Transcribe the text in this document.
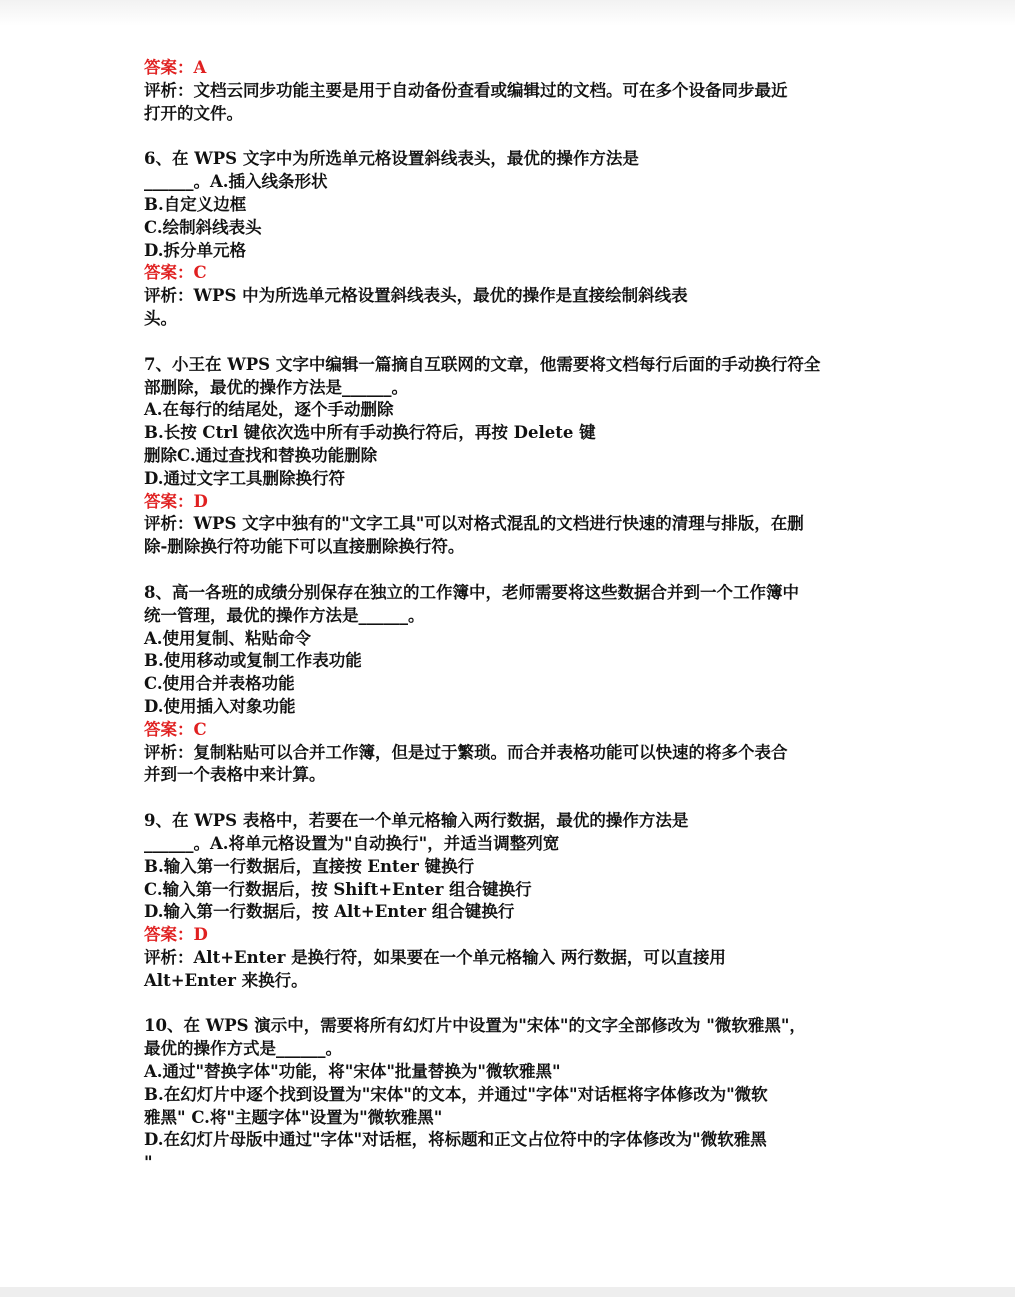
答案：A
评析：文档云同步功能主要是用于自动备份查看或编辑过的文档。可在多个设备同步最近
打开的文件。
6、在 WPS 文字中为所选单元格设置斜线表头，最优的操作方法是
______。A.插入线条形状
B.自定义边框
C.绘制斜线表头
D.拆分单元格
答案：C
评析：WPS 中为所选单元格设置斜线表头，最优的操作是直接绘制斜线表
头。
7、小王在 WPS 文字中编辑一篇摘自互联网的文章，他需要将文档每行后面的手动换行符全
部删除，最优的操作方法是______。
A.在每行的结尾处，逐个手动删除
B.长按 Ctrl 键依次选中所有手动换行符后，再按 Delete 键
删除C.通过查找和替换功能删除
D.通过文字工具删除换行符
答案：D
评析：WPS 文字中独有的"文字工具"可以对格式混乱的文档进行快速的清理与排版，在删
除-删除换行符功能下可以直接删除换行符。
8、高一各班的成绩分别保存在独立的工作簿中，老师需要将这些数据合并到一个工作簿中
统一管理，最优的操作方法是______。
A.使用复制、粘贴命令
B.使用移动或复制工作表功能
C.使用合并表格功能
D.使用插入对象功能
答案：C
评析：复制粘贴可以合并工作簿，但是过于繁琐。而合并表格功能可以快速的将多个表合
并到一个表格中来计算。
9、在 WPS 表格中，若要在一个单元格输入两行数据，最优的操作方法是
______。A.将单元格设置为"自动换行"，并适当调整列宽
B.输入第一行数据后，直接按 Enter 键换行
C.输入第一行数据后，按 Shift+Enter 组合键换行
D.输入第一行数据后，按 Alt+Enter 组合键换行
答案：D
评析：Alt+Enter 是换行符，如果要在一个单元格输入 两行数据，可以直接用
Alt+Enter 来换行。
10、在 WPS 演示中，需要将所有幻灯片中设置为"宋体"的文字全部修改为 "微软雅黑"，
最优的操作方式是______。
A.通过"替换字体"功能，将"宋体"批量替换为"微软雅黑"
B.在幻灯片中逐个找到设置为"宋体"的文本，并通过"字体"对话框将字体修改为"微软
雅黑" C.将"主题字体"设置为"微软雅黑"
D.在幻灯片母版中通过"字体"对话框，将标题和正文占位符中的字体修改为"微软雅黑
"
